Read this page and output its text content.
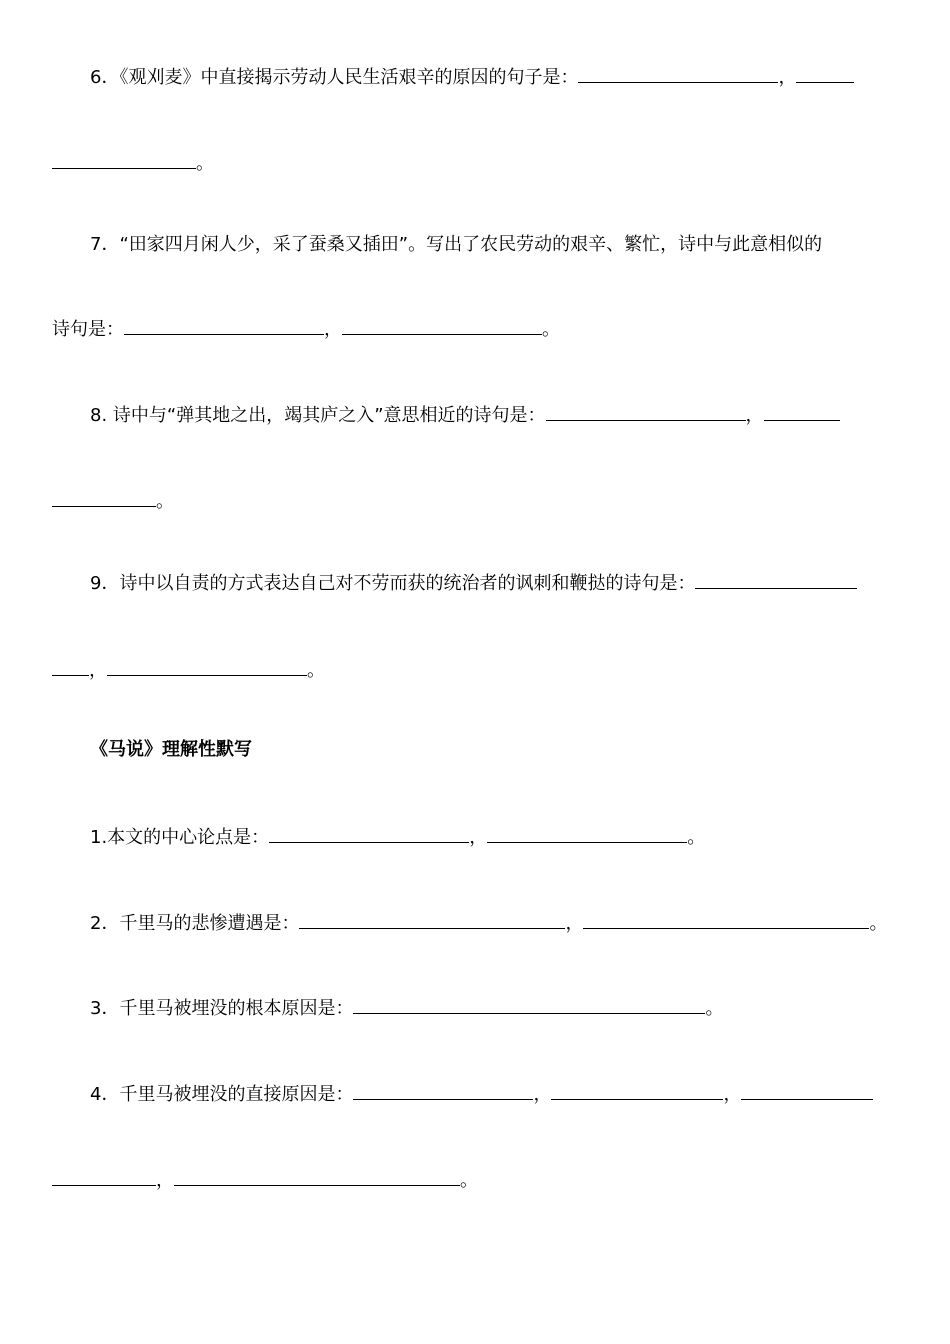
6．《观刈麦》中直接揭示劳动人民生活艰辛的原因的句子是：	，
。
7．“田家四月闲人少，采了蚕桑又插田”。写出了农民劳动的艰辛、繁忙，诗中与此意相似的
诗句是：	，	。
8. 诗中与“弹其地之出，竭其庐之入”意思相近的诗句是：	，
。
9．诗中以自责的方式表达自己对不劳而获的统治者的讽刺和鞭挞的诗句是：
，	。
《马说》理解性默写
1.本文的中心论点是：	，	。
2．千里马的悲惨遭遇是：	，	。
3．千里马被埋没的根本原因是：	。
4．千里马被埋没的直接原因是：	，	，
，	。
